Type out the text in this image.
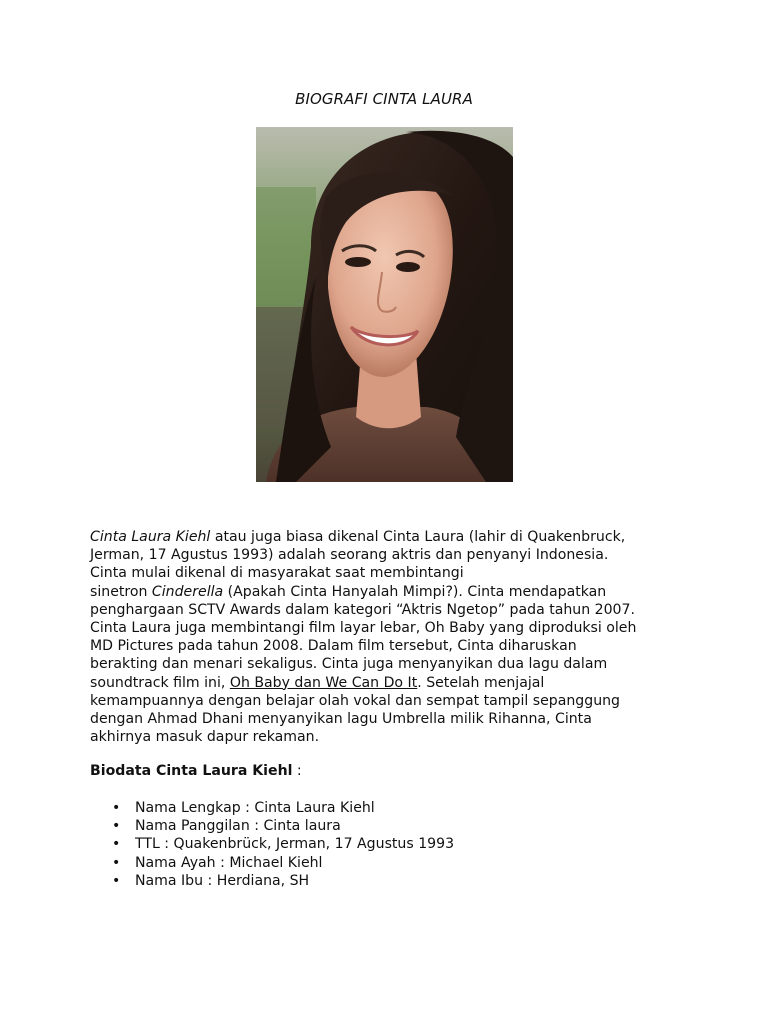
BIOGRAFI CINTA LAURA

Cinta Laura Kiehl atau juga biasa dikenal Cinta Laura (lahir di Quakenbruck,
Jerman, 17 Agustus 1993) adalah seorang aktris dan penyanyi Indonesia.
Cinta mulai dikenal di masyarakat saat membintangi
sinetron Cinderella (Apakah Cinta Hanyalah Mimpi?). Cinta mendapatkan
penghargaan SCTV Awards dalam kategori “Aktris Ngetop” pada tahun 2007.
Cinta Laura juga membintangi film layar lebar, Oh Baby yang diproduksi oleh
MD Pictures pada tahun 2008. Dalam film tersebut, Cinta diharuskan
berakting dan menari sekaligus. Cinta juga menyanyikan dua lagu dalam
soundtrack film ini, Oh Baby dan We Can Do It. Setelah menjajal
kemampuannya dengan belajar olah vokal dan sempat tampil sepanggung
dengan Ahmad Dhani menyanyikan lagu Umbrella milik Rihanna, Cinta
akhirnya masuk dapur rekaman.

Biodata Cinta Laura Kiehl :
• Nama Lengkap : Cinta Laura Kiehl
• Nama Panggilan : Cinta laura
• TTL : Quakenbrück, Jerman, 17 Agustus 1993
• Nama Ayah : Michael Kiehl
• Nama Ibu : Herdiana, SH
